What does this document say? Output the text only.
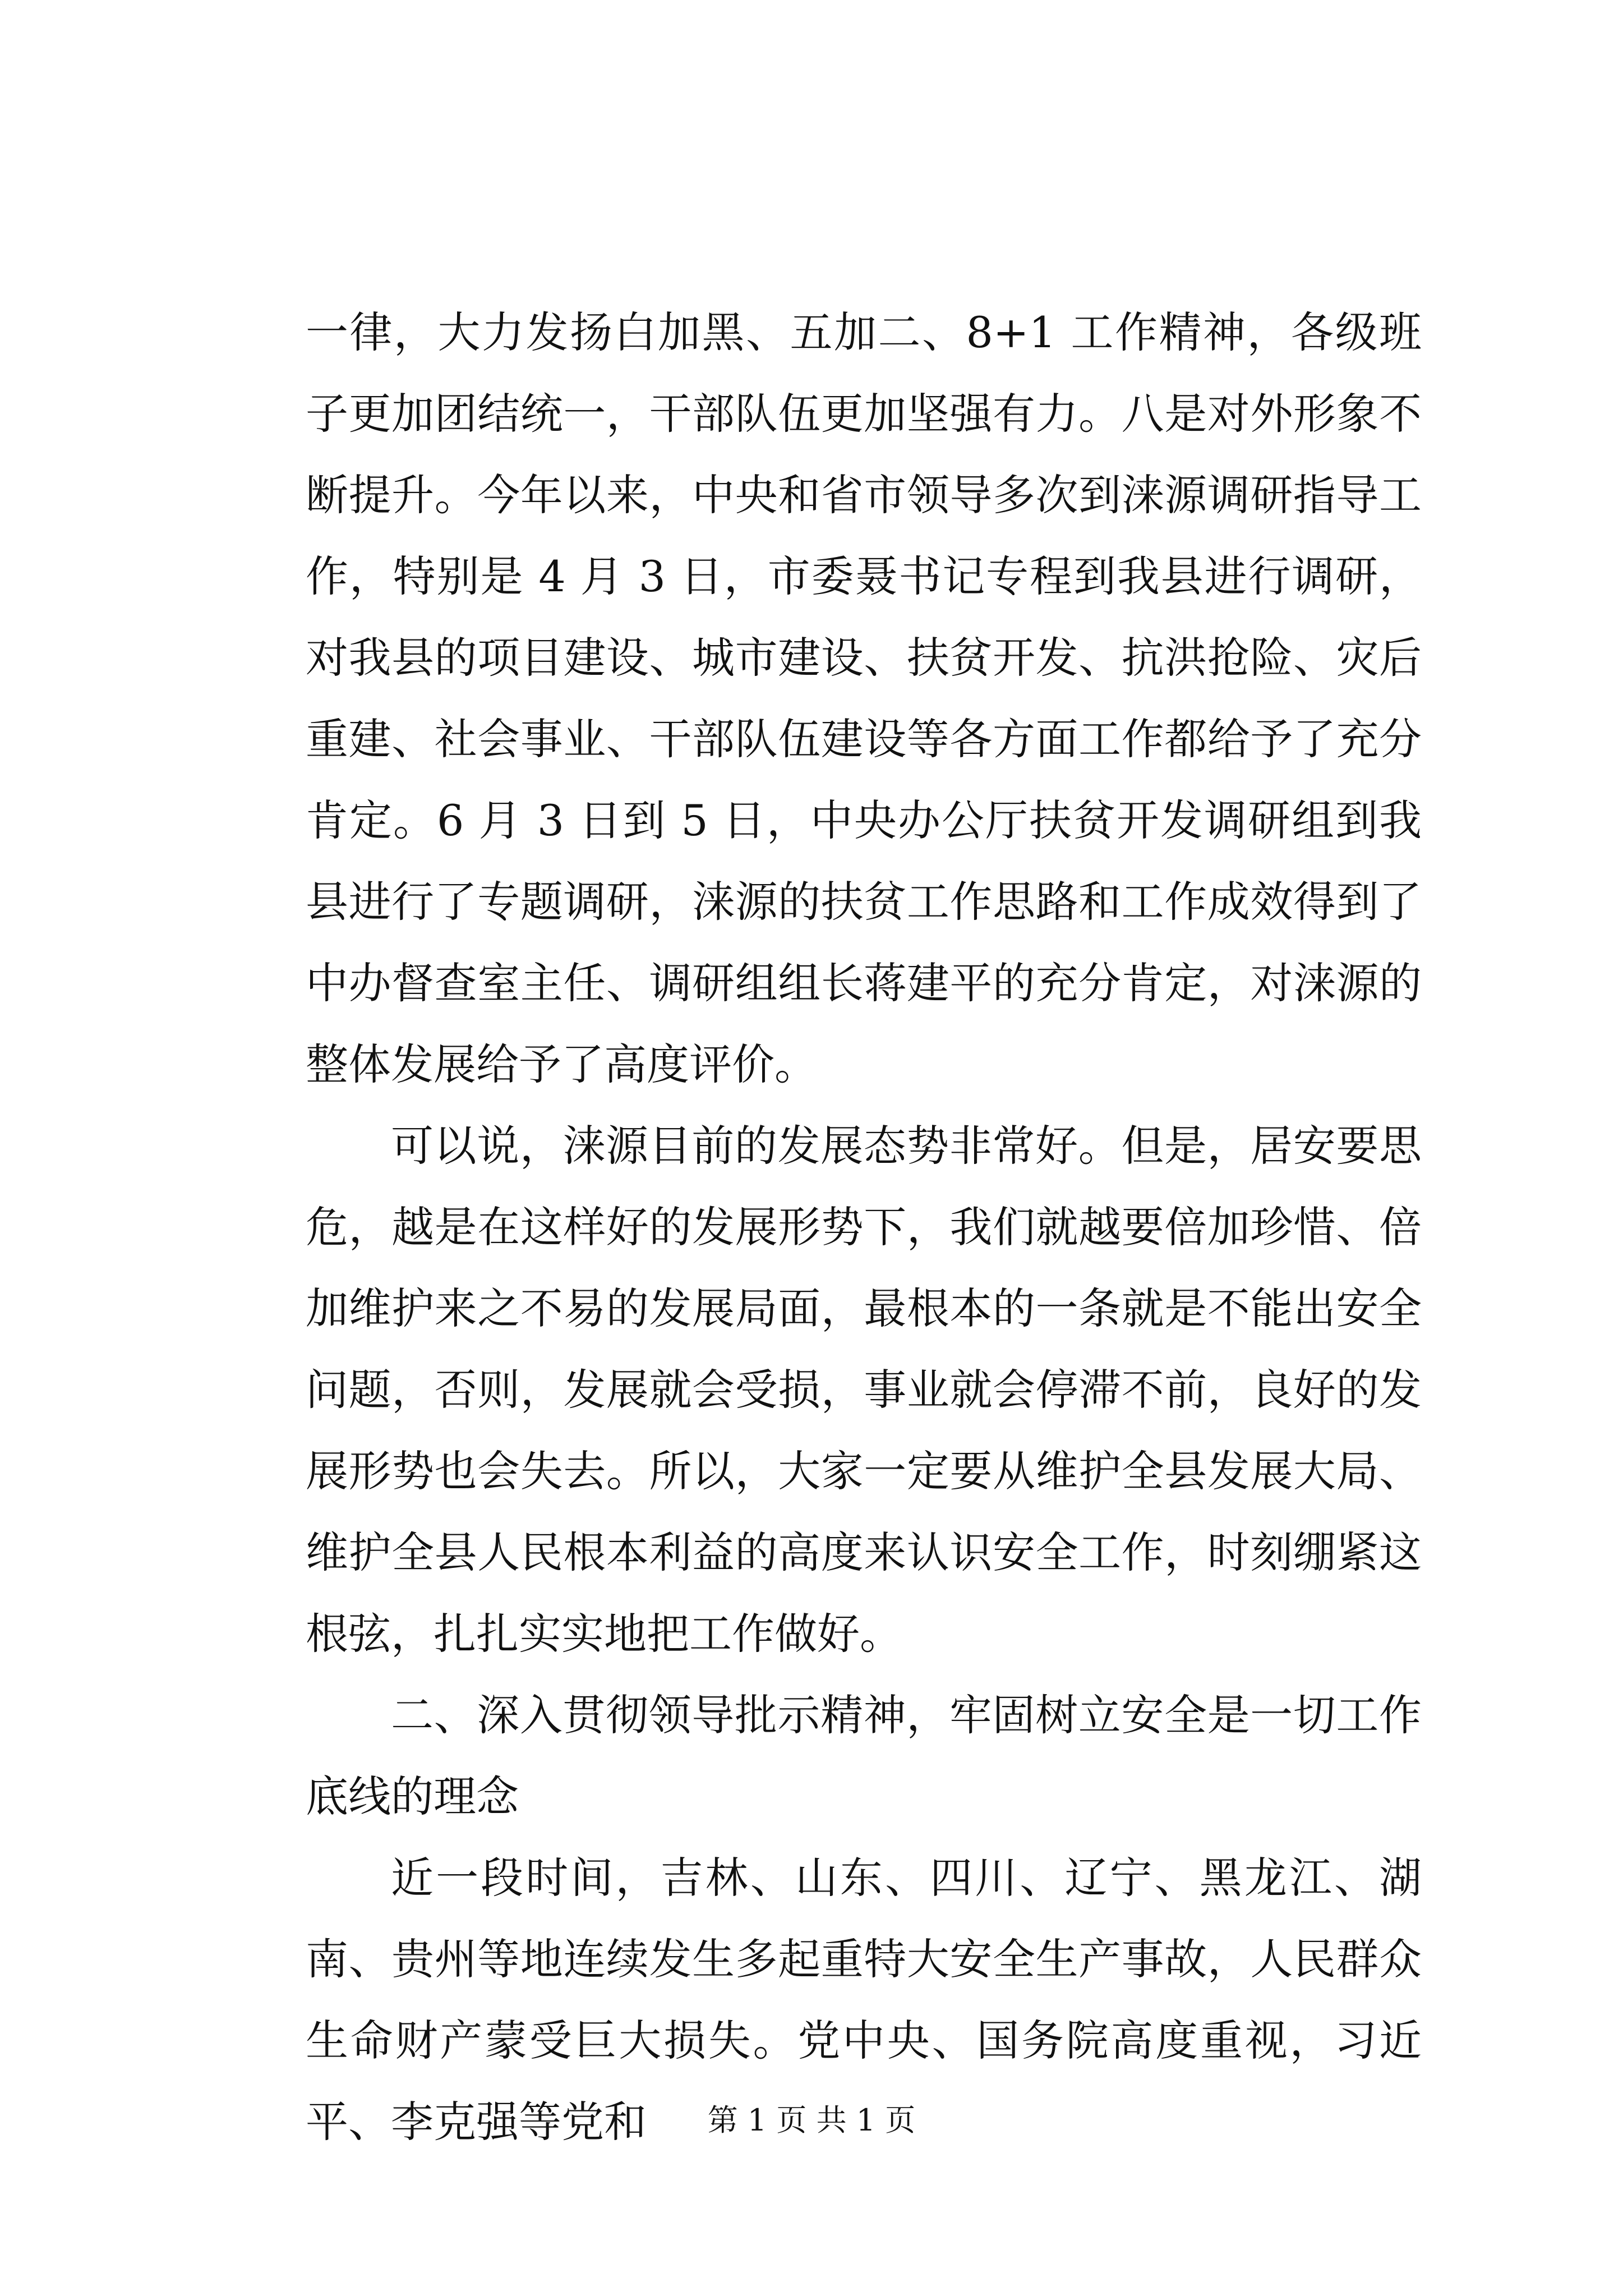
一律，大力发扬白加黑、五加二、8+1 工作精神，各级班子更加团结统一，干部队伍更加坚强有力。八是对外形象不断提升。今年以来，中央和省市领导多次到涞源调研指导工作，特别是 4 月 3 日，市委聂书记专程到我县进行调研，对我县的项目建设、城市建设、扶贫开发、抗洪抢险、灾后重建、社会事业、干部队伍建设等各方面工作都给予了充分肯定。6 月 3 日到 5 日，中央办公厅扶贫开发调研组到我县进行了专题调研，涞源的扶贫工作思路和工作成效得到了中办督查室主任、调研组组长蒋建平的充分肯定，对涞源的整体发展给予了高度评价。

可以说，涞源目前的发展态势非常好。但是，居安要思危，越是在这样好的发展形势下，我们就越要倍加珍惜、倍加维护来之不易的发展局面，最根本的一条就是不能出安全问题，否则，发展就会受损，事业就会停滞不前，良好的发展形势也会失去。所以，大家一定要从维护全县发展大局、维护全县人民根本利益的高度来认识安全工作，时刻绷紧这根弦，扎扎实实地把工作做好。

二、深入贯彻领导批示精神，牢固树立安全是一切工作底线的理念

近一段时间，吉林、山东、四川、辽宁、黑龙江、湖南、贵州等地连续发生多起重特大安全生产事故，人民群众生命财产蒙受巨大损失。党中央、国务院高度重视，习近平、李克强等党和	第 1 页 共 1 页
